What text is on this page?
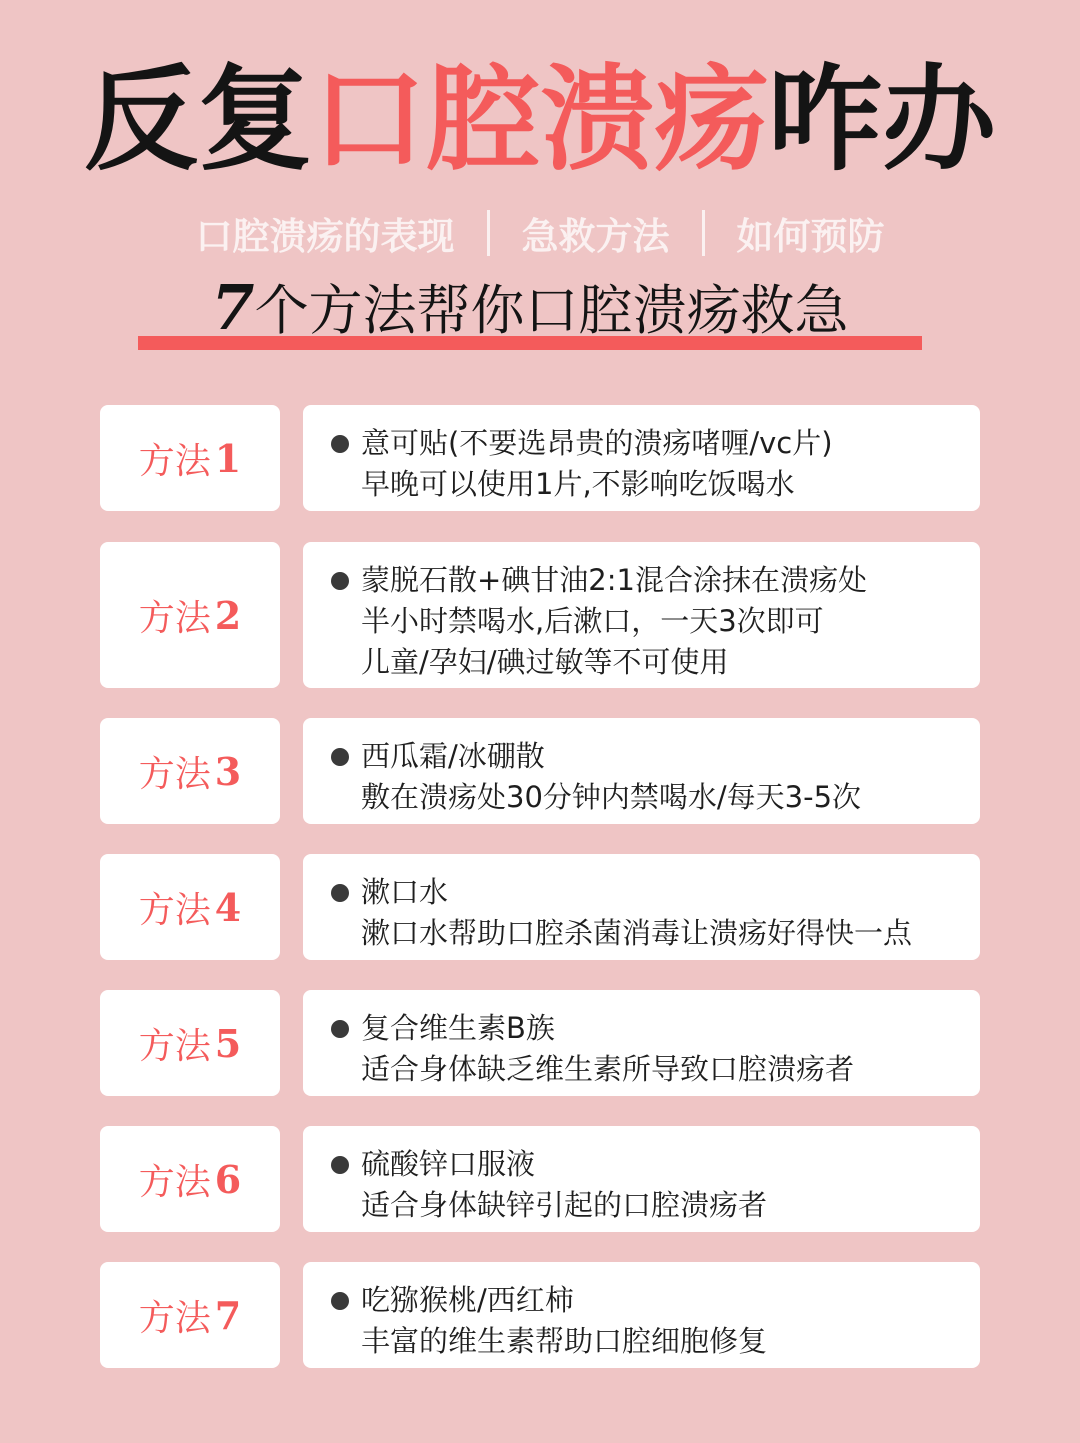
反复口腔溃疡咋办
口腔溃疡的表现 急救方法 如何预防
7个方法帮你口腔溃疡救急
方法 1	意可贴(不要选昂贵的溃疡啫喱/vc片)
早晚可以使用1片,不影响吃饭喝水
方法 2
蒙脱石散+碘甘油2:1混合涂抹在溃疡处
半小时禁喝水,后漱口，一天3次即可
儿童/孕妇/碘过敏等不可使用
方法 3	西瓜霜/冰硼散
敷在溃疡处30分钟内禁喝水/每天3-5次
方法 4	漱口水
漱口水帮助口腔杀菌消毒让溃疡好得快一点
方法 5	复合维生素B族
适合身体缺乏维生素所导致口腔溃疡者
方法 6	硫酸锌口服液
适合身体缺锌引起的口腔溃疡者
方法 7	吃猕猴桃/西红柿
丰富的维生素帮助口腔细胞修复
